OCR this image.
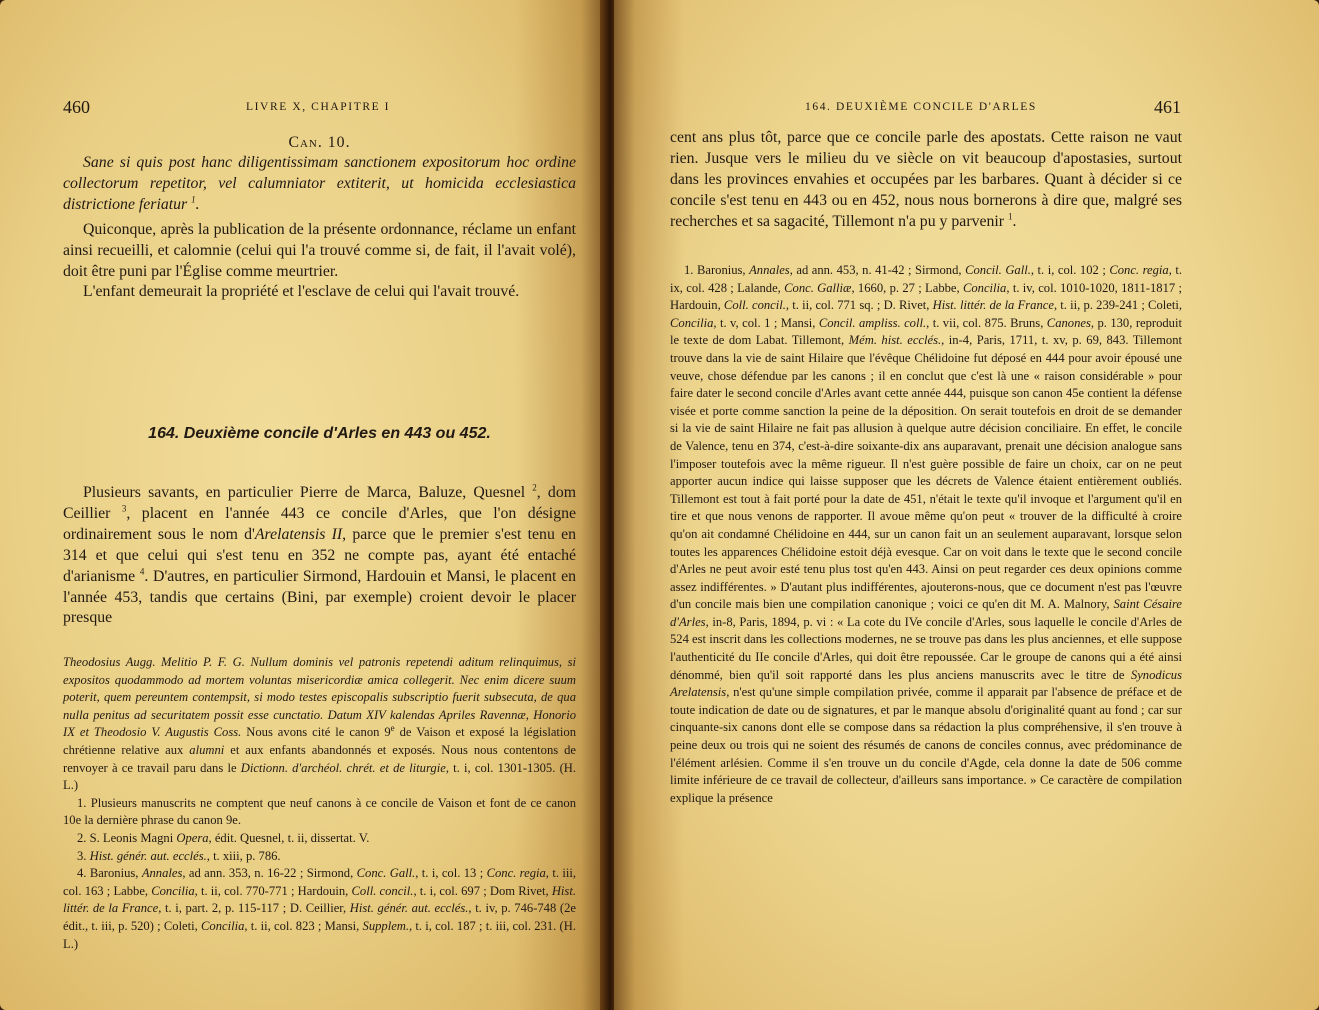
460	LIVRE X, CHAPITRE I

Can. 10.

Sane si quis post hanc diligentissimam sanctionem expositorum hoc ordine collectorum repetitor, vel calumniator extiterit, ut homicida ecclesiastica districtione feriatur $^1$.

Quiconque, après la publication de la présente ordonnance, réclame un enfant ainsi recueilli, et calomnie (celui qui l'a trouvé comme si, de fait, il l'avait volé), doit être puni par l'Église comme meurtrier.

L'enfant demeurait la propriété et l'esclave de celui qui l'avait trouvé.

164. Deuxième concile d'Arles en 443 ou 452.

Plusieurs savants, en particulier Pierre de Marca, Baluze, Quesnel $^2$, dom Ceillier $^3$, placent en l'année 443 ce concile d'Arles, que l'on désigne ordinairement sous le nom d'Arelatensis II, parce que le premier s'est tenu en 314 et que celui qui s'est tenu en 352 ne compte pas, ayant été entaché d'arianisme $^4$. D'autres, en particulier Sirmond, Hardouin et Mansi, le placent en l'année 453, tandis que certains (Bini, par exemple) croient devoir le placer presque

Theodosius Augg. Melitio P. F. G. Nullum dominis vel patronis repetendi aditum relinquimus, si expositos quodammodo ad mortem voluntas misericordiæ amica collegerit. Nec enim dicere suum poterit, quem pereuntem contempsit, si modo testes episcopalis subscriptio fuerit subsecuta, de qua nulla penitus ad securitatem possit esse cunctatio. Datum XIV kalendas Apriles Ravennæ, Honorio IX et Theodosio V. Augustis Coss. Nous avons cité le canon 9e de Vaison et exposé la législation chrétienne relative aux alumni et aux enfants abandonnés et exposés. Nous nous contentons de renvoyer à ce travail paru dans le Dictionn. d'archéol. chrét. et de liturgie, t. i, col. 1301-1305. (H. L.)

1. Plusieurs manuscrits ne comptent que neuf canons à ce concile de Vaison et font de ce canon 10e la dernière phrase du canon 9e.

2. S. Leonis Magni Opera, édit. Quesnel, t. ii, dissertat. V.

3. Hist. génér. aut. ecclés., t. xiii, p. 786.

4. Baronius, Annales, ad ann. 353, n. 16-22 ; Sirmond, Conc. Gall., t. i, col. 13 ; Conc. regia, t. iii, col. 163 ; Labbe, Concilia, t. ii, col. 770-771 ; Hardouin, Coll. concil., t. i, col. 697 ; Dom Rivet, Hist. littér. de la France, t. i, part. 2, p. 115-117 ; D. Ceillier, Hist. génér. aut. ecclés., t. iv, p. 746-748 (2e édit., t. iii, p. 520) ; Coleti, Concilia, t. ii, col. 823 ; Mansi, Supplem., t. i, col. 187 ; t. iii, col. 231. (H. L.)

164. DEUXIÈME CONCILE D'ARLES	461

cent ans plus tôt, parce que ce concile parle des apostats. Cette raison ne vaut rien. Jusque vers le milieu du ve siècle on vit beaucoup d'apostasies, surtout dans les provinces envahies et occupées par les barbares. Quant à décider si ce concile s'est tenu en 443 ou en 452, nous nous bornerons à dire que, malgré ses recherches et sa sagacité, Tillemont n'a pu y parvenir $^1$.

1. Baronius, Annales, ad ann. 453, n. 41-42 ; Sirmond, Concil. Gall., t. i, col. 102 ; Conc. regia, t. ix, col. 428 ; Lalande, Conc. Galliæ, 1660, p. 27 ; Labbe, Concilia, t. iv, col. 1010-1020, 1811-1817 ; Hardouin, Coll. concil., t. ii, col. 771 sq. ; D. Rivet, Hist. littér. de la France, t. ii, p. 239-241 ; Coleti, Concilia, t. v, col. 1 ; Mansi, Concil. ampliss. coll., t. vii, col. 875. Bruns, Canones, p. 130, reproduit le texte de dom Labat. Tillemont, Mém. hist. ecclés., in-4, Paris, 1711, t. xv, p. 69, 843. Tillemont trouve dans la vie de saint Hilaire que l'évêque Chélidoine fut déposé en 444 pour avoir épousé une veuve, chose défendue par les canons ; il en conclut que c'est là une « raison considérable » pour faire dater le second concile d'Arles avant cette année 444, puisque son canon 45e contient la défense visée et porte comme sanction la peine de la déposition. On serait toutefois en droit de se demander si la vie de saint Hilaire ne fait pas allusion à quelque autre décision conciliaire. En effet, le concile de Valence, tenu en 374, c'est-à-dire soixante-dix ans auparavant, prenait une décision analogue sans l'imposer toutefois avec la même rigueur. Il n'est guère possible de faire un choix, car on ne peut apporter aucun indice qui laisse supposer que les décrets de Valence étaient entièrement oubliés. Tillemont est tout à fait porté pour la date de 451, n'était le texte qu'il invoque et l'argument qu'il en tire et que nous venons de rapporter. Il avoue même qu'on peut « trouver de la difficulté à croire qu'on ait condamné Chélidoine en 444, sur un canon fait un an seulement auparavant, lorsque selon toutes les apparences Chélidoine estoit déjà evesque. Car on voit dans le texte que le second concile d'Arles ne peut avoir esté tenu plus tost qu'en 443. Ainsi on peut regarder ces deux opinions comme assez indifférentes. » D'autant plus indifférentes, ajouterons-nous, que ce document n'est pas l'œuvre d'un concile mais bien une compilation canonique ; voici ce qu'en dit M. A. Malnory, Saint Césaire d'Arles, in-8, Paris, 1894, p. vi : « La cote du IVe concile d'Arles, sous laquelle le concile d'Arles de 524 est inscrit dans les collections modernes, ne se trouve pas dans les plus anciennes, et elle suppose l'authenticité du IIe concile d'Arles, qui doit être repoussée. Car le groupe de canons qui a été ainsi dénommé, bien qu'il soit rapporté dans les plus anciens manuscrits avec le titre de Synodicus Arelatensis, n'est qu'une simple compilation privée, comme il apparait par l'absence de préface et de toute indication de date ou de signatures, et par le manque absolu d'originalité quant au fond ; car sur cinquante-six canons dont elle se compose dans sa rédaction la plus compréhensive, il s'en trouve à peine deux ou trois qui ne soient des résumés de canons de conciles connus, avec prédominance de l'élément arlésien. Comme il s'en trouve un du concile d'Agde, cela donne la date de 506 comme limite inférieure de ce travail de collecteur, d'ailleurs sans importance. » Ce caractère de compilation explique la présence
